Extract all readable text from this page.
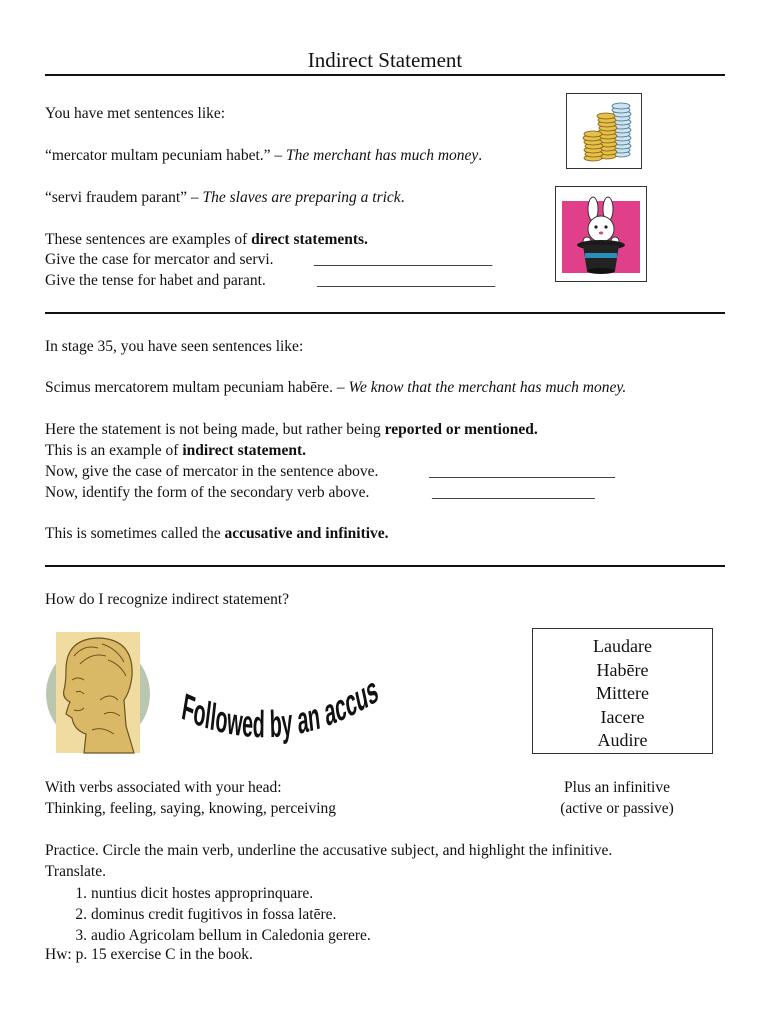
Indirect Statement
You have met sentences like:
“mercator multam pecuniam habet.” – The merchant has much money.
“servi fraudem parant” – The slaves are preparing a trick.
These sentences are examples of direct statements.
Give the case for mercator and servi.	_______________________
Give the tense for habet and parant.	_______________________
In stage 35, you have seen sentences like:
Scimus mercatorem multam pecuniam habēre. – We know that the merchant has much money.
Here the statement is not being made, but rather being reported or mentioned.
This is an example of indirect statement.
Now, give the case of mercator in the sentence above.	________________________
Now, identify the form of the secondary verb above.	_____________________
This is sometimes called the accusative and infinitive.
How do I recognize indirect statement?
Followed by an accus
Laudare
Habēre
Mittere
Iacere
Audire
With verbs associated with your head:
Thinking, feeling, saying, knowing, perceiving
Plus an infinitive
(active or passive)
Practice. Circle the main verb, underline the accusative subject, and highlight the infinitive.
Translate.
1. nuntius dicit hostes approprinquare.
2. dominus credit fugitivos in fossa latēre.
3. audio Agricolam bellum in Caledonia gerere.
Hw: p. 15 exercise C in the book.
